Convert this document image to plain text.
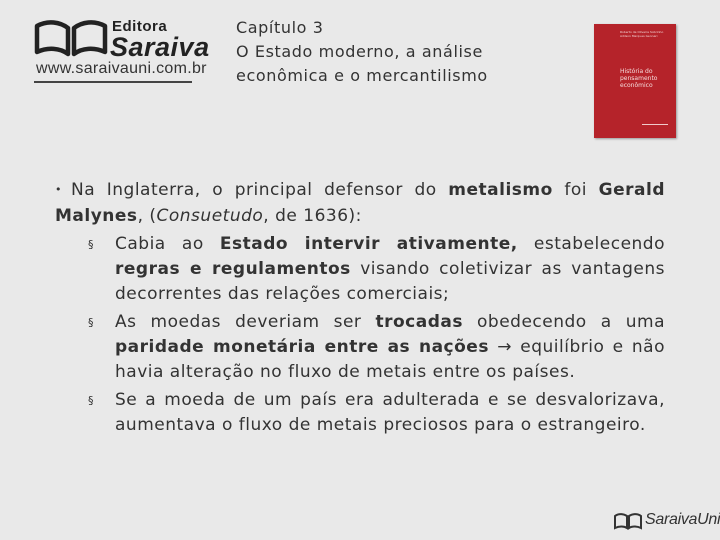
Editora
Saraiva
www.saraivauni.com.br
Capítulo 3
O Estado moderno, a análise
econômica e o mercantilismo
Roberto de Oliveira Sobrinho Adilson Marques Gennari
História do pensamento econômico
• Na Inglaterra, o principal defensor do metalismo foi Gerald Malynes, (Consuetudo, de 1636):
§ Cabia ao Estado intervir ativamente, estabelecendo regras e regulamentos visando coletivizar as vantagens decorrentes das relações comerciais;
§ As moedas deveriam ser trocadas obedecendo a uma paridade monetária entre as nações → equilíbrio e não havia alteração no fluxo de metais entre os países.
§ Se a moeda de um país era adulterada e se desvalorizava, aumentava o fluxo de metais preciosos para o estrangeiro.
SaraivaUni
